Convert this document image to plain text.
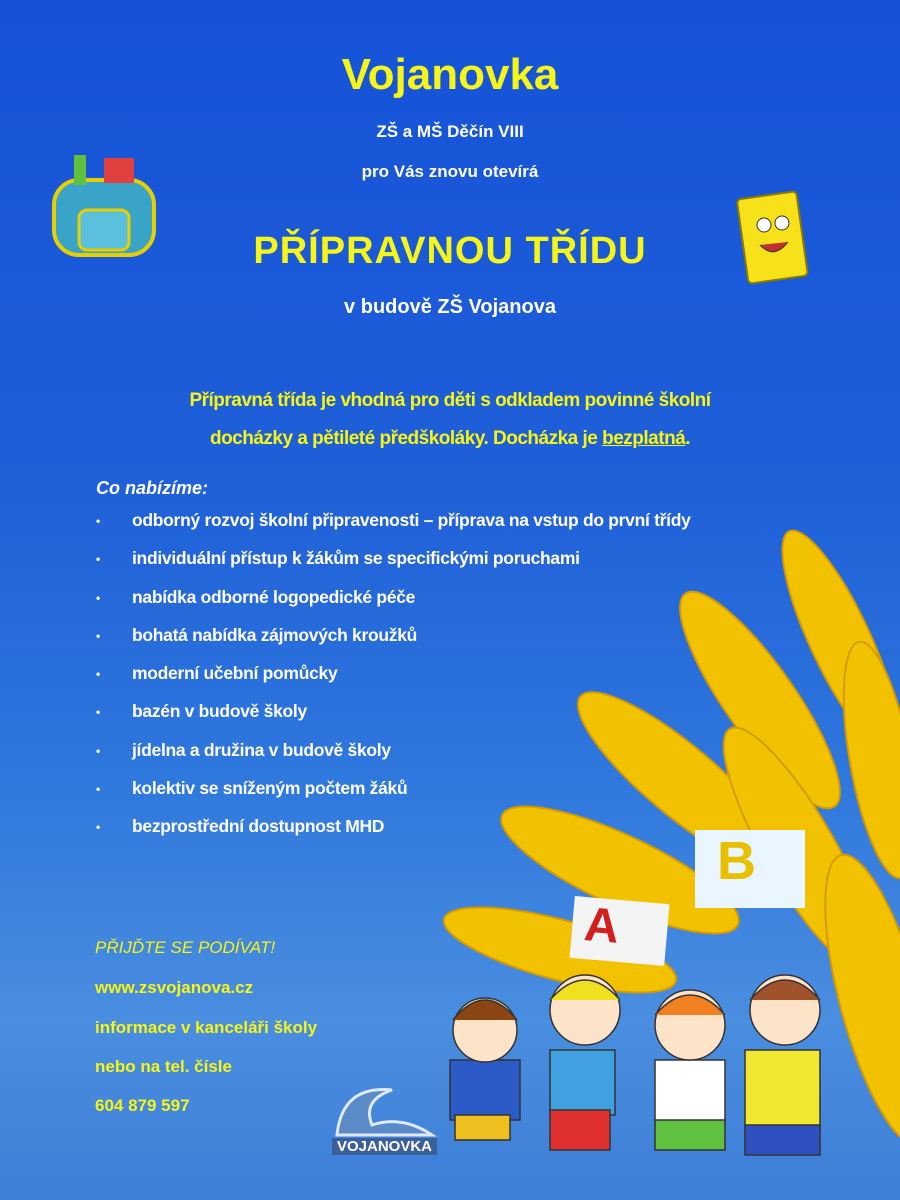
Vojanovka
ZŠ a MŠ Děčín VIII
pro Vás znovu otevírá
PŘÍPRAVNOU TŘÍDU
v budově ZŠ Vojanova
Přípravná třída je vhodná pro děti s odkladem povinné školní
docházky a pětileté předškoláky. Docházka je bezplatná.
Co nabízíme:
•	odborný rozvoj školní připravenosti – příprava na vstup do první třídy
•	individuální přístup k žákům se specifickými poruchami
•	nabídka odborné logopedické péče
•	bohatá nabídka zájmových kroužků
•	moderní učební pomůcky
•	bazén v budově školy
•	jídelna a družina v budově školy
•	kolektiv se sníženým počtem žáků
•	bezprostřední dostupnost MHD
PŘIJĎTE SE PODÍVAT!
www.zsvojanova.cz
informace v kanceláři školy
nebo na tel. čísle
604 879 597
A
B
VOJANOVKA
